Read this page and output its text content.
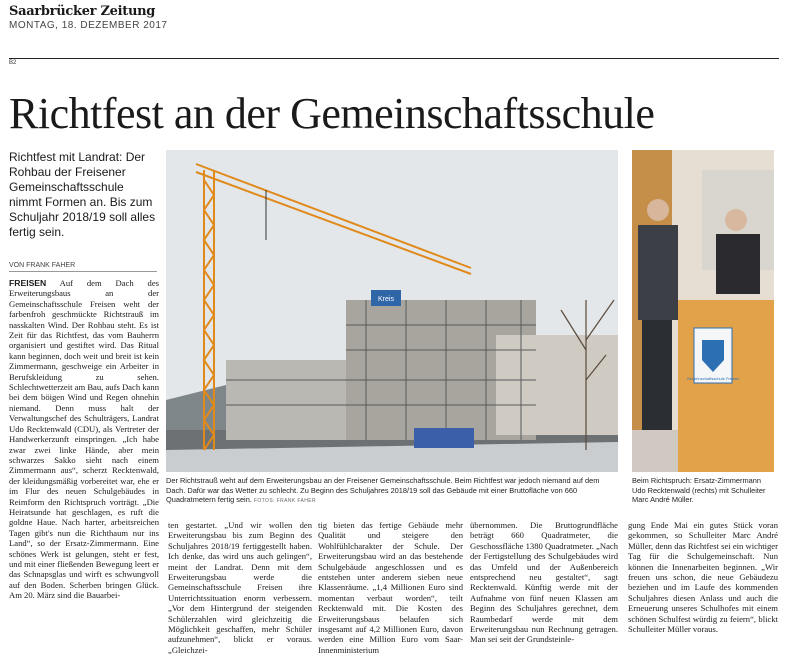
Saarbrücker Zeitung
MONTAG, 18. DEZEMBER 2017
B2
Richtfest an der Gemeinschaftsschule
Richtfest mit Landrat: Der Rohbau der Freisener Gemeinschaftsschule nimmt Formen an. Bis zum Schuljahr 2018/19 soll alles fertig sein.
VON FRANK FAHER

FREISEN Auf dem Dach des Erweiterungsbaus an der Gemeinschaftsschule Freisen weht der farbenfroh geschmückte Richtstrauß im nasskalten Wind. Der Rohbau steht. Es ist Zeit für das Richtfest, das vom Bauherrn organisiert und gestiftet wird. Das Ritual kann beginnen, doch weit und breit ist kein Zimmermann, geschweige ein Arbeiter in Berufskleidung zu sehen. Schlechtwetterzeit am Bau, aufs Dach kann bei dem böigen Wind und Regen ohnehin niemand. Denn muss halt der Verwaltungschef des Schulträgers, Landrat Udo Recktenwald (CDU), als Vertreter der Handwerkerzunft einspringen. „Ich habe zwar zwei linke Hände, aber mein schwarzes Sakko sieht nach einem Zimmermann aus“, scherzt Recktenwald, der kleidungsmäßig vorbereitet war, ehe er im Flur des neuen Schulgebäudes in Reimform den Richtspruch vorträgt. „Die Heiratsunde hat geschlagen, es ruft die goldne Haue. Nach harter, arbeitsreichen Tagen gibt's nun die Richthaum nur ins Land“, so der Ersatz-Zimmermann. Eine schönes Werk ist gelungen, steht er fest, und mit einer fließenden Bewegung leert er das Schnapsglas und wirft es schwungvoll auf den Boden. Scherben bringen Glück. Am 20. März sind die Bauarbei-

Kreis
Gemeinschaftsschule Freisen
Der Richtstrauß weht auf dem Erweiterungsbau an der Freisener Gemeinschaftsschule. Beim Richtfest war jedoch niemand auf dem Dach. Dafür war das Wetter zu schlecht. Zu Beginn des Schuljahres 2018/19 soll das Gebäude mit einer Bruttofläche von 660 Quadratmetern fertig sein. FOTOS: FRANK FAHER
Beim Richtspruch: Ersatz-Zimmermann Udo Recktenwald (rechts) mit Schulleiter Marc André Müller.

ten gestartet. „Und wir wollen den Erweiterungsbau bis zum Beginn des Schuljahres 2018/19 fertiggestellt haben. Ich denke, das wird uns auch gelingen“, meint der Landrat. Denn mit dem Erweiterungsbau werde die Gemeinschaftsschule Freisen ihre Unterrichtssituation enorm verbessern. „Vor dem Hintergrund der steigenden Schülerzahlen wird gleichzeitig die Möglichkeit geschaffen, mehr Schüler aufzunehmen“, blickt er voraus. „Gleichzei-

tig bieten das fertige Gebäude mehr Qualität und steigere den Wohlfühlcharakter der Schule. Der Erweiterungsbau wird an das bestehende Schulgebäude angeschlossen und es entstehen unter anderem sieben neue Klassenräume. „1,4 Millionen Euro sind momentan verbaut worden“, teilt Recktenwald mit. Die Kosten des Erweiterungsbaus belaufen sich insgesamt auf 4,2 Millionen Euro, davon werden eine Million Euro vom Saar-Innenministerium

übernommen. Die Bruttogrundfläche beträgt 660 Quadratmeter, die Geschossfläche 1380 Quadratmeter. „Nach der Fertigstellung des Schulgebäudes wird das Umfeld und der Außenbereich entsprechend neu gestaltet“, sagt Recktenwald. Künftig werde mit der Aufnahme von fünf neuen Klassen am Beginn des Schuljahres gerechnet, dem Raumbedarf werde mit dem Erweiterungsbau nun Rechnung getragen. Man sei seit der Grundsteinle-

gung Ende Mai ein gutes Stück voran gekommen, so Schulleiter Marc André Müller, denn das Richtfest sei ein wichtiger Tag für die Schulgemeinschaft. Nun können die Innenarbeiten beginnen. „Wir freuen uns schon, die neue Gebäudezu beziehen und im Laufe des kommenden Schuljahres diesen Anlass und auch die Erneuerung unseres Schulhofes mit einem schönen Schulfest würdig zu feiern“, blickt Schulleiter Müller voraus.
